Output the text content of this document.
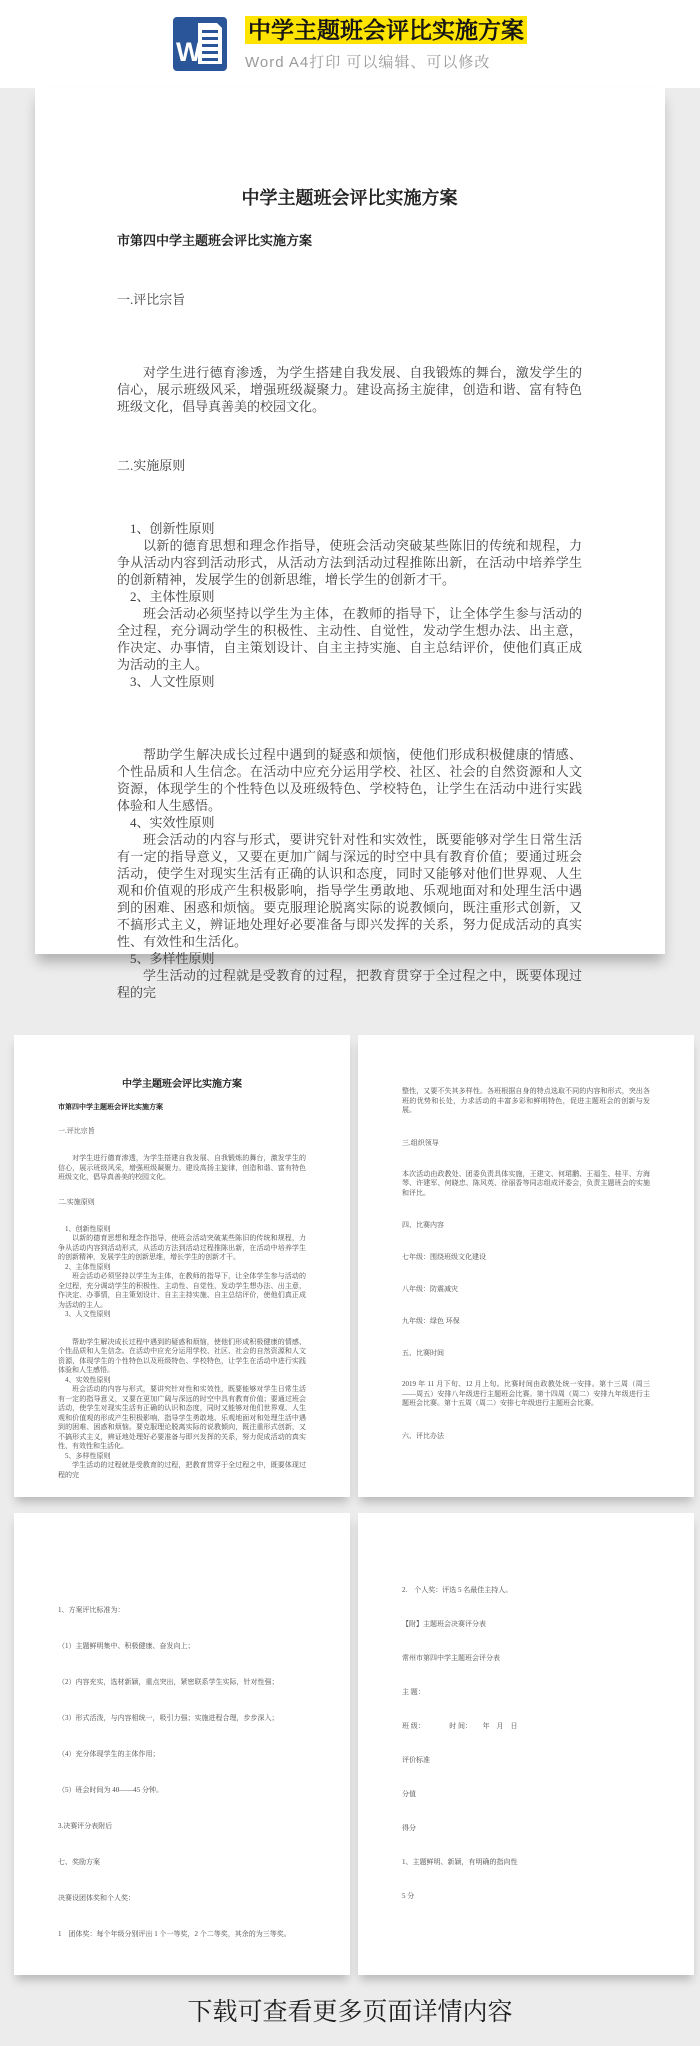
W
中学主题班会评比实施方案
Word A4打印 可以编辑、可以修改
中学主题班会评比实施方案
市第四中学主题班会评比实施方案
一.评比宗旨
对学生进行德育渗透，为学生搭建自我发展、自我锻炼的舞台，激发学生的信心，展示班级风采，增强班级凝聚力。建设高扬主旋律，创造和谐、富有特色班级文化，倡导真善美的校园文化。
二.实施原则
1、创新性原则
以新的德育思想和理念作指导，使班会活动突破某些陈旧的传统和规程，力争从活动内容到活动形式，从活动方法到活动过程推陈出新，在活动中培养学生的创新精神，发展学生的创新思维，增长学生的创新才干。
2、主体性原则
班会活动必须坚持以学生为主体，在教师的指导下，让全体学生参与活动的全过程，充分调动学生的积极性、主动性、自觉性，发动学生想办法、出主意，作决定、办事情，自主策划设计、自主主持实施、自主总结评价，使他们真正成为活动的主人。
3、人文性原则
帮助学生解决成长过程中遇到的疑惑和烦恼，使他们形成积极健康的情感、个性品质和人生信念。在活动中应充分运用学校、社区、社会的自然资源和人文资源，体现学生的个性特色以及班级特色、学校特色，让学生在活动中进行实践体验和人生感悟。
4、实效性原则
班会活动的内容与形式，要讲究针对性和实效性，既要能够对学生日常生活有一定的指导意义，又要在更加广阔与深远的时空中具有教育价值；要通过班会活动，使学生对现实生活有正确的认识和态度，同时又能够对他们世界观、人生观和价值观的形成产生积极影响，指导学生勇敢地、乐观地面对和处理生活中遇到的困难、困惑和烦恼。要克服理论脱离实际的说教倾向，既注重形式创新，又不搞形式主义，辨证地处理好必要准备与即兴发挥的关系，努力促成活动的真实性、有效性和生活化。
5、多样性原则
学生活动的过程就是受教育的过程，把教育贯穿于全过程之中，既要体现过程的完
中学主题班会评比实施方案
市第四中学主题班会评比实施方案
一.评比宗旨
对学生进行德育渗透，为学生搭建自我发展、自我锻炼的舞台，激发学生的信心，展示班级风采，增强班级凝聚力。建设高扬主旋律，创造和谐、富有特色班级文化，倡导真善美的校园文化。
二.实施原则
1、创新性原则
以新的德育思想和理念作指导，使班会活动突破某些陈旧的传统和规程，力争从活动内容到活动形式，从活动方法到活动过程推陈出新，在活动中培养学生的创新精神，发展学生的创新思维，增长学生的创新才干。
2、主体性原则
班会活动必须坚持以学生为主体，在教师的指导下，让全体学生参与活动的全过程，充分调动学生的积极性、主动性、自觉性，发动学生想办法、出主意，作决定、办事情，自主策划设计、自主主持实施、自主总结评价，使他们真正成为活动的主人。
3、人文性原则
帮助学生解决成长过程中遇到的疑惑和烦恼，使他们形成积极健康的情感、个性品质和人生信念。在活动中应充分运用学校、社区、社会的自然资源和人文资源，体现学生的个性特色以及班级特色、学校特色，让学生在活动中进行实践体验和人生感悟。
4、实效性原则
班会活动的内容与形式，要讲究针对性和实效性，既要能够对学生日常生活有一定的指导意义，又要在更加广阔与深远的时空中具有教育价值；要通过班会活动，使学生对现实生活有正确的认识和态度，同时又能够对他们世界观、人生观和价值观的形成产生积极影响，指导学生勇敢地、乐观地面对和处理生活中遇到的困难、困惑和烦恼。要克服理论脱离实际的说教倾向，既注重形式创新，又不搞形式主义，辨证地处理好必要准备与即兴发挥的关系，努力促成活动的真实性、有效性和生活化。
5、多样性原则
学生活动的过程就是受教育的过程，把教育贯穿于全过程之中，既要体现过程的完
整性，又要不失其多样性。各班根据自身的特点选取不同的内容和形式，突出各班的优势和长处，力求活动的丰富多彩和鲜明特色，促进主题班会的创新与发展。
三.组织领导
本次活动由政教处、团委负责具体实施，王建文、何珺鹏、王福生、桂平、方海琴、许建军、何晓忠、陈风英、徐丽香等同志组成评委会，负责主题班会的实施和评比。
四、比赛内容
七年级：围绕班级文化建设
八年级：防震减灾
九年级：绿色 环保
五、比赛时间
2019 年 11 月下旬、12 月上旬。比赛时间由政教处统一安排。第十三周（周三——周五）安排八年级进行主题班会比赛。第十四周（周二）安排九年级进行主题班会比赛。第十五周（周二）安排七年级进行主题班会比赛。
六、评比办法
1、方案评比标准为：
（1）主题鲜明集中、积极健康、奋发向上；
（2）内容充实，选材新颖，重点突出，紧密联系学生实际，针对性强；
（3）形式活泼，与内容相统一，吸引力强；实施进程合理，步步深入；
（4）充分体现学生的主体作用；
（5）班会时间为 40——45 分钟。
3.决赛评分表附后
七、奖励方案
决赛设团体奖和个人奖：
1　团体奖：每个年级分别评出 1 个一等奖，2 个二等奖，其余的为三等奖。
2.　个人奖：评选 5 名最佳主持人。
【附】主题班会决赛评分表
常州市第四中学主题班会评分表
主 题：
班 级：　　　　时 间：　　年　月　日
评价标准
分值
得分
1、主题鲜明、新颖，有明确的指向性
5 分
下载可查看更多页面详情内容
